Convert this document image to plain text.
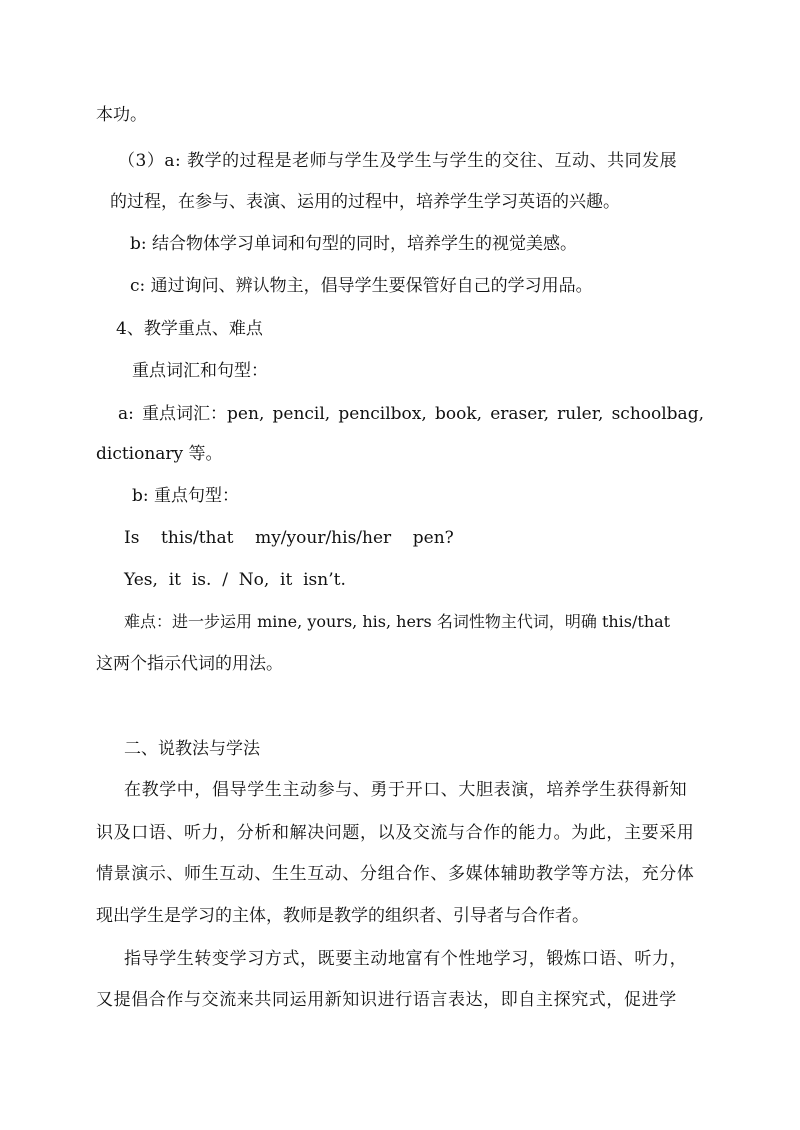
本功。
（3）a: 教学的过程是老师与学生及学生与学生的交往、互动、共同发展
的过程，在参与、表演、运用的过程中，培养学生学习英语的兴趣。
b: 结合物体学习单词和句型的同时，培养学生的视觉美感。
c: 通过询问、辨认物主，倡导学生要保管好自己的学习用品。
4、教学重点、难点
重点词汇和句型：
a: 重点词汇：pen, pencil, pencilbox, book, eraser, ruler, schoolbag,
dictionary 等。
b: 重点句型：
Is    this/that    my/your/his/her    pen?
Yes,  it  is.  /  No,  it  isn’t.
难点：进一步运用 mine, yours, his, hers 名词性物主代词，明确 this/that
这两个指示代词的用法。
二、说教法与学法
在教学中，倡导学生主动参与、勇于开口、大胆表演，培养学生获得新知
识及口语、听力，分析和解决问题，以及交流与合作的能力。为此，主要采用
情景演示、师生互动、生生互动、分组合作、多媒体辅助教学等方法，充分体
现出学生是学习的主体，教师是教学的组织者、引导者与合作者。
指导学生转变学习方式，既要主动地富有个性地学习，锻炼口语、听力，
又提倡合作与交流来共同运用新知识进行语言表达，即自主探究式，促进学
